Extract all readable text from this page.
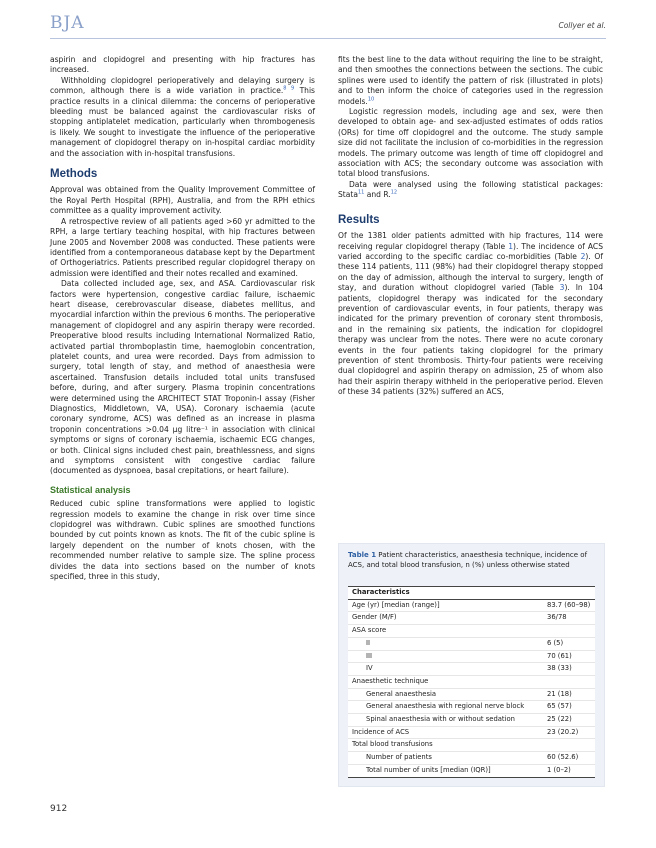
BJA	Collyer et al.

aspirin and clopidogrel and presenting with hip fractures has increased.

Withholding clopidogrel perioperatively and delaying surgery is common, although there is a wide variation in practice.$^{8 9}$ This practice results in a clinical dilemma: the concerns of perioperative bleeding must be balanced against the cardiovascular risks of stopping antiplatelet medication, particularly when thrombogenesis is likely. We sought to investigate the influence of the perioperative management of clopidogrel therapy on in-hospital cardiac morbidity and the association with in-hospital transfusions.

Methods

Approval was obtained from the Quality Improvement Committee of the Royal Perth Hospital (RPH), Australia, and from the RPH ethics committee as a quality improvement activity.

A retrospective review of all patients aged >60 yr admitted to the RPH, a large tertiary teaching hospital, with hip fractures between June 2005 and November 2008 was conducted. These patients were identified from a contemporaneous database kept by the Department of Orthogeriatrics. Patients prescribed regular clopidogrel therapy on admission were identified and their notes recalled and examined.

Data collected included age, sex, and ASA. Cardiovascular risk factors were hypertension, congestive cardiac failure, ischaemic heart disease, cerebrovascular disease, diabetes mellitus, and myocardial infarction within the previous 6 months. The perioperative management of clopidogrel and any aspirin therapy were recorded. Preoperative blood results including International Normalized Ratio, activated partial thromboplastin time, haemoglobin concentration, platelet counts, and urea were recorded. Days from admission to surgery, total length of stay, and method of anaesthesia were ascertained. Transfusion details included total units transfused before, during, and after surgery. Plasma tropinin concentrations were determined using the ARCHITECT STAT Troponin-I assay (Fisher Diagnostics, Middletown, VA, USA). Coronary ischaemia (acute coronary syndrome, ACS) was defined as an increase in plasma troponin concentrations >0.04 μg litre⁻¹ in association with clinical symptoms or signs of coronary ischaemia, ischaemic ECG changes, or both. Clinical signs included chest pain, breathlessness, and signs and symptoms consistent with congestive cardiac failure (documented as dyspnoea, basal crepitations, or heart failure).

Statistical analysis

Reduced cubic spline transformations were applied to logistic regression models to examine the change in risk over time since clopidogrel was withdrawn. Cubic splines are smoothed functions bounded by cut points known as knots. The fit of the cubic spline is largely dependent on the number of knots chosen, with the recommended number relative to sample size. The spline process divides the data into sections based on the number of knots specified, three in this study,

fits the best line to the data without requiring the line to be straight, and then smoothes the connections between the sections. The cubic splines were used to identify the pattern of risk (illustrated in plots) and to then inform the choice of categories used in the regression models.$^{10}$

Logistic regression models, including age and sex, were then developed to obtain age- and sex-adjusted estimates of odds ratios (ORs) for time off clopidogrel and the outcome. The study sample size did not facilitate the inclusion of co-morbidities in the regression models. The primary outcome was length of time off clopidogrel and association with ACS; the secondary outcome was association with total blood transfusions.

Data were analysed using the following statistical packages: Stata$^{11}$ and R.$^{12}$

Results

Of the 1381 older patients admitted with hip fractures, 114 were receiving regular clopidogrel therapy (Table 1). The incidence of ACS varied according to the specific cardiac co-morbidities (Table 2). Of these 114 patients, 111 (98%) had their clopidogrel therapy stopped on the day of admission, although the interval to surgery, length of stay, and duration without clopidogrel varied (Table 3). In 104 patients, clopidogrel therapy was indicated for the secondary prevention of cardiovascular events, in four patients, therapy was indicated for the primary prevention of coronary stent thrombosis, and in the remaining six patients, the indication for clopidogrel therapy was unclear from the notes. There were no acute coronary events in the four patients taking clopidogrel for the primary prevention of stent thrombosis. Thirty-four patients were receiving dual clopidogrel and aspirin therapy on admission, 25 of whom also had their aspirin therapy withheld in the perioperative period. Eleven of these 34 patients (32%) suffered an ACS,

Table 1 Patient characteristics, anaesthesia technique, incidence of ACS, and total blood transfusion, n (%) unless otherwise stated
Characteristics
Age (yr) [median (range)]	83.7 (60–98)
Gender (M/F)	36/78
ASA score
II	6 (5)
III	70 (61)
IV	38 (33)
Anaesthetic technique
General anaesthesia	21 (18)
General anaesthesia with regional nerve block	65 (57)
Spinal anaesthesia with or without sedation	25 (22)
Incidence of ACS	23 (20.2)
Total blood transfusions
Number of patients	60 (52.6)
Total number of units [median (IQR)]	1 (0–2)
912
